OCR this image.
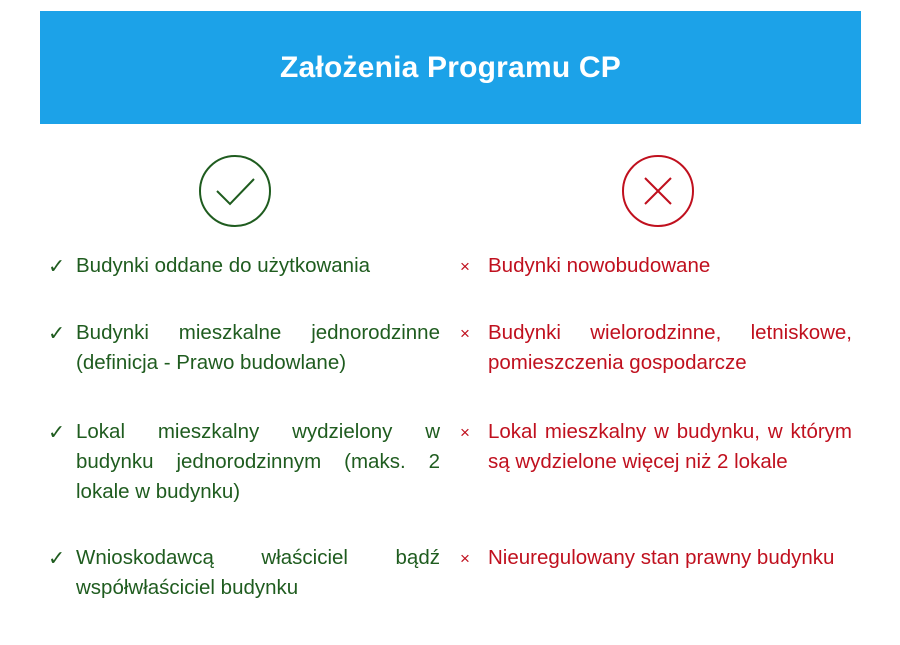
Założenia Programu CP
✓ Budynki oddane do użytkowania
✓ Budynki mieszkalne jednorodzinne (definicja - Prawo budowlane)
✓ Lokal mieszkalny wydzielony w budynku jednorodzinnym (maks. 2 lokale w budynku)
✓ Wnioskodawcą właściciel bądź współwłaściciel budynku
× Budynki nowobudowane
× Budynki wielorodzinne, letniskowe, pomieszczenia gospodarcze
× Lokal mieszkalny w budynku, w którym są wydzielone więcej niż 2 lokale
× Nieuregulowany stan prawny budynku
